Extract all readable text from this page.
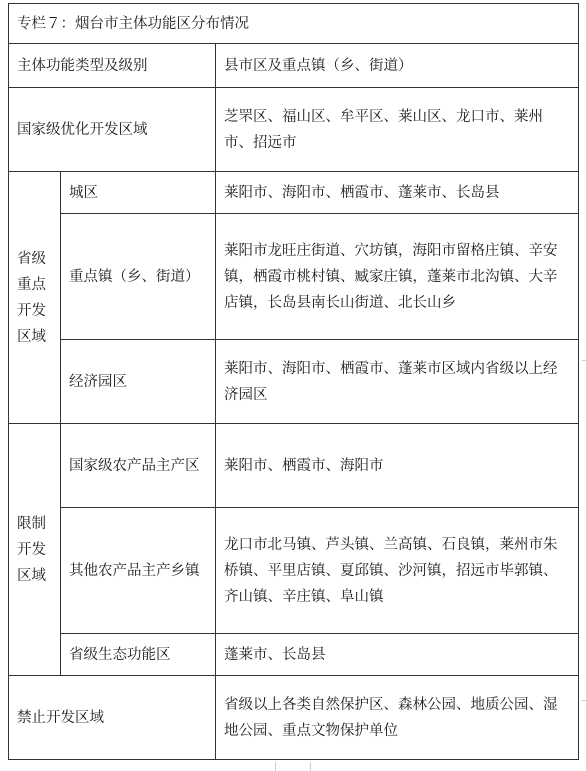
专栏７：烟台市主体功能区分布情况		
主体功能类型及级别		县市区及重点镇（乡、街道）
国家级优化开发区域		芝罘区、福山区、牟平区、莱山区、龙口市、莱州市、招远市
省级重点开发区域	城区	莱阳市、海阳市、栖霞市、蓬莱市、长岛县
	重点镇（乡、街道）	莱阳市龙旺庄街道、穴坊镇，海阳市留格庄镇、辛安镇，栖霞市桃村镇、臧家庄镇，蓬莱市北沟镇、大辛店镇，长岛县南长山街道、北长山乡
	经济园区	莱阳市、海阳市、栖霞市、蓬莱市区域内省级以上经济园区
限制开发区域	国家级农产品主产区	莱阳市、栖霞市、海阳市
	其他农产品主产乡镇	龙口市北马镇、芦头镇、兰高镇、石良镇，莱州市朱桥镇、平里店镇、夏邱镇、沙河镇，招远市毕郭镇、齐山镇、辛庄镇、阜山镇
	省级生态功能区	蓬莱市、长岛县
禁止开发区域		省级以上各类自然保护区、森林公园、地质公园、湿地公园、重点文物保护单位
